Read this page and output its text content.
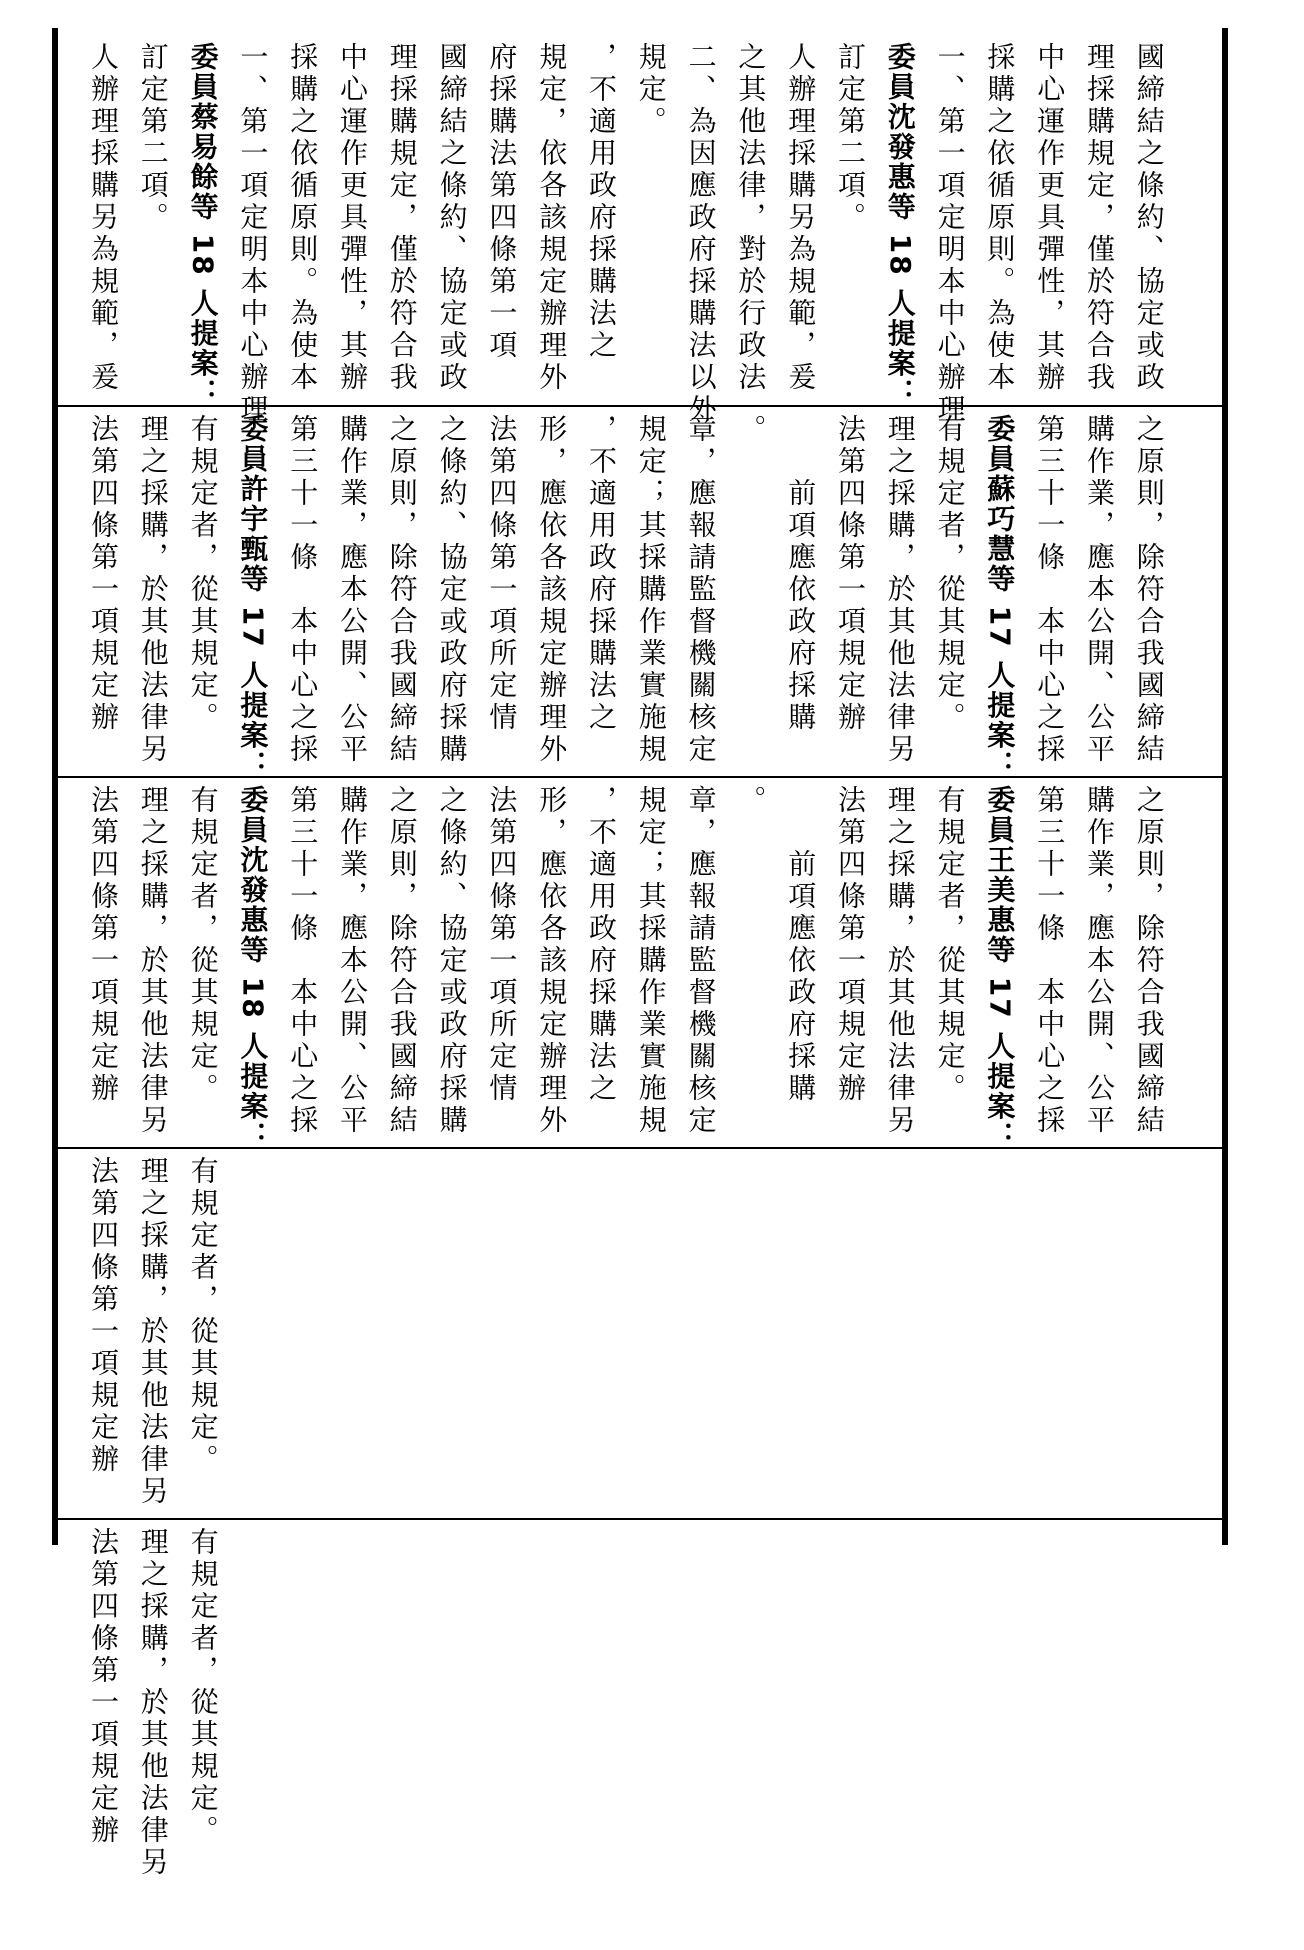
人辦理採購另為規範，爰 訂定第二項。 委員蔡易餘等 18 人提案： 一、第一項定明本中心辦理 採購之依循原則。為使本 中心運作更具彈性，其辦 理採購規定，僅於符合我 國締結之條約、協定或政 府採購法第四條第一項 規定，依各該規定辦理外 ，不適用政府採購法之 規定。 二、為因應政府採購法以外 之其他法律，對於行政法 人辦理採購另為規範，爰 訂定第二項。 委員沈發惠等 18 人提案： 一、第一項定明本中心辦理 採購之依循原則。為使本 中心運作更具彈性，其辦 理採購規定，僅於符合我 國締結之條約、協定或政
法第四條第一項規定辦 理之採購，於其他法律另 有規定者，從其規定。 委員許宇甄等 17 人提案： 第三十一條　本中心之採 購作業，應本公開、公平 之原則，除符合我國締結 之條約、協定或政府採購 法第四條第一項所定情 形，應依各該規定辦理外 ，不適用政府採購法之 規定；其採購作業實施規 章，應報請監督機關核定 。 　　前項應依政府採購 法第四條第一項規定辦 理之採購，於其他法律另 有規定者，從其規定。 委員蘇巧慧等 17 人提案： 第三十一條　本中心之採 購作業，應本公開、公平 之原則，除符合我國締結
法第四條第一項規定辦 理之採購，於其他法律另 有規定者，從其規定。 委員沈發惠等 18 人提案： 第三十一條　本中心之採 購作業，應本公開、公平 之原則，除符合我國締結 之條約、協定或政府採購 法第四條第一項所定情 形，應依各該規定辦理外 ，不適用政府採購法之 規定；其採購作業實施規 章，應報請監督機關核定 。 　　前項應依政府採購 法第四條第一項規定辦 理之採購，於其他法律另 有規定者，從其規定。 委員王美惠等 17 人提案： 第三十一條　本中心之採 購作業，應本公開、公平 之原則，除符合我國締結
法第四條第一項規定辦 理之採購，於其他法律另 有規定者，從其規定。
法第四條第一項規定辦 理之採購，於其他法律另 有規定者，從其規定。
